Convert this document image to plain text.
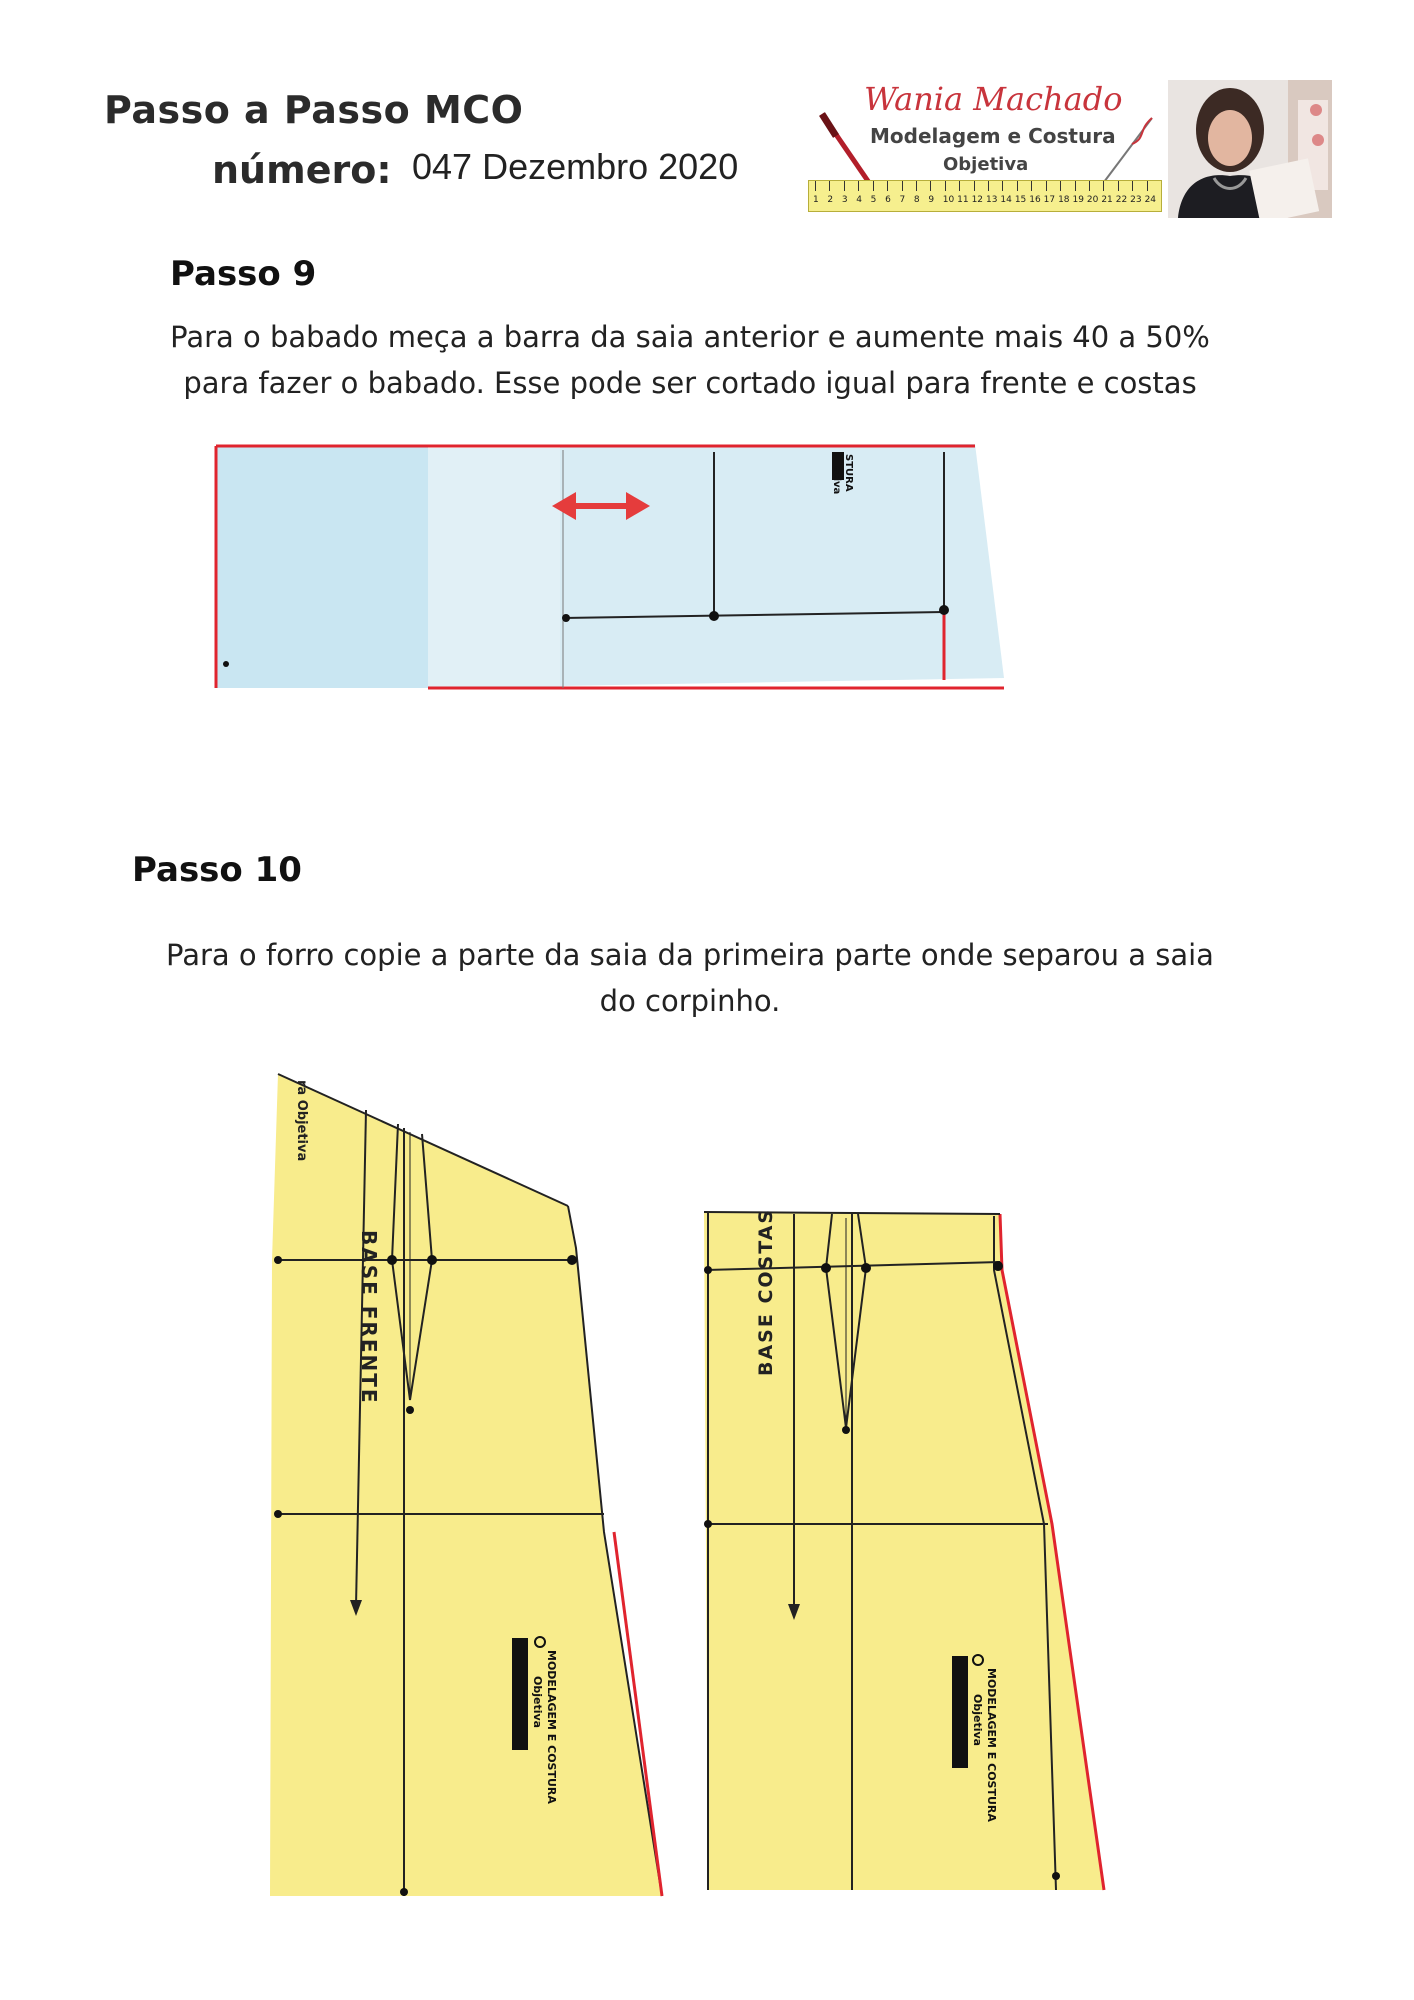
Passo a Passo MCO
número: 047 Dezembro 2020
Wania Machado
Modelagem e Costura
Objetiva
1 2 3 4 5 6 7 8 9 10 11 12 13 14 15 16 17 18 19 20 21 22 23 24
Passo 9
Para o babado meça a barra da saia anterior e aumente mais 40 a 50%
para fazer o babado. Esse pode ser cortado igual para frente e costas
STURA
etiva
BASE FRENTE
ra Objetiva
MODELAGEM E COSTURA
Objetiva
BASE COSTAS
MODELAGEM E COSTURA
Objetiva
Passo 10
Para o forro copie a parte da saia da primeira parte onde separou a saia
do corpinho.
